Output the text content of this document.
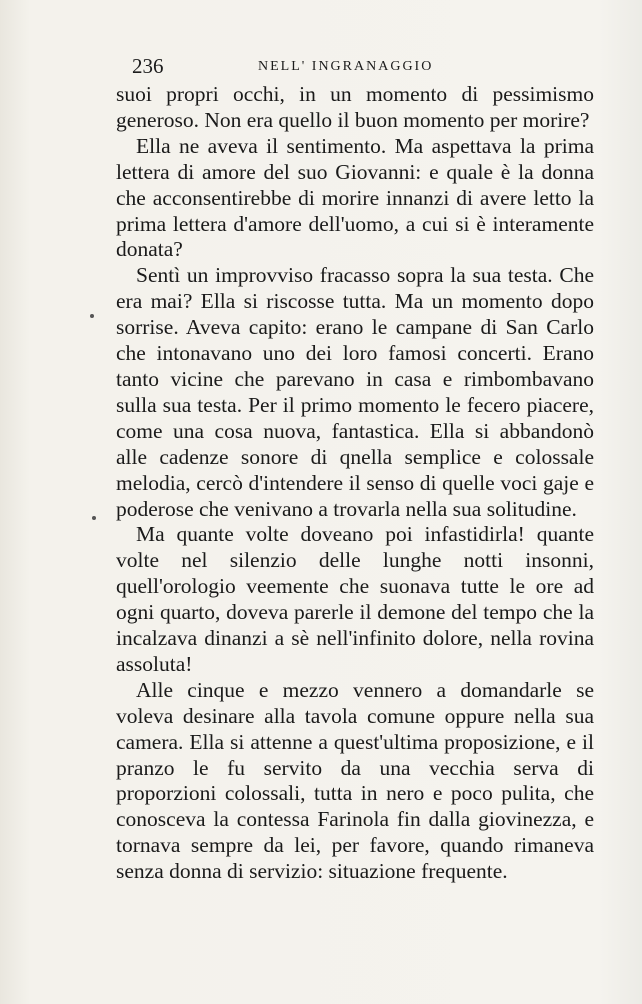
236	NELL' INGRANAGGIO

suoi propri occhi, in un momento di pessimismo generoso. Non era quello il buon momento per morire?

Ella ne aveva il sentimento. Ma aspettava la prima lettera di amore del suo Giovanni: e quale è la donna che acconsentirebbe di morire innanzi di avere letto la prima lettera d'amore dell'uomo, a cui si è interamente donata?

Sentì un improvviso fracasso sopra la sua testa. Che era mai? Ella si riscosse tutta. Ma un momento dopo sorrise. Aveva capito: erano le campane di San Carlo che intonavano uno dei loro famosi concerti. Erano tanto vicine che parevano in casa e rimbombavano sulla sua testa. Per il primo momento le fecero piacere, come una cosa nuova, fantastica. Ella si abbandonò alle cadenze sonore di qnella semplice e colossale melodia, cercò d'intendere il senso di quelle voci gaje e poderose che venivano a trovarla nella sua solitudine.

Ma quante volte doveano poi infastidirla! quante volte nel silenzio delle lunghe notti insonni, quell'orologio veemente che suonava tutte le ore ad ogni quarto, doveva parerle il demone del tempo che la incalzava dinanzi a sè nell'infinito dolore, nella rovina assoluta!

Alle cinque e mezzo vennero a domandarle se voleva desinare alla tavola comune oppure nella sua camera. Ella si attenne a quest'ultima proposizione, e il pranzo le fu servito da una vecchia serva di proporzioni colossali, tutta in nero e poco pulita, che conosceva la contessa Farinola fin dalla giovinezza, e tornava sempre da lei, per favore, quando rimaneva senza donna di servizio: situazione frequente.
